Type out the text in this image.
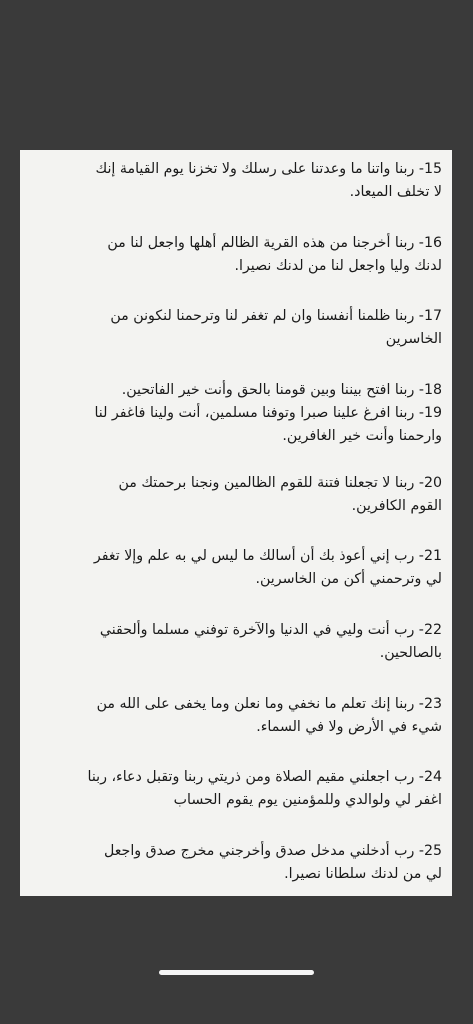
15- ربنا واتنا ما وعدتنا على رسلك ولا تخزنا يوم القيامة إنك

لا تخلف الميعاد.

16- ربنا أخرجنا من هذه القرية الظالم أهلها واجعل لنا من

لدنك وليا واجعل لنا من لدنك نصيرا.

17- ربنا ظلمنا أنفسنا وان لم تغفر لنا وترحمنا لنكونن من

الخاسرين

18- ربنا افتح بيننا وبين قومنا بالحق وأنت خير الفاتحين.

19- ربنا افرغ علينا صبرا وتوفنا مسلمين، أنت ولينا فاغفر لنا

وارحمنا وأنت خير الغافرين.

20- ربنا لا تجعلنا فتنة للقوم الظالمين ونجنا برحمتك من

القوم الكافرين.

21- رب إني أعوذ بك أن أسالك ما ليس لي به علم وإلا تغفر

لي وترحمني أكن من الخاسرين.

22- رب أنت وليي في الدنيا والآخرة توفني مسلما وألحقني

بالصالحين.

23- ربنا إنك تعلم ما نخفي وما نعلن وما يخفى على الله من

شيء في الأرض ولا في السماء.

24- رب اجعلني مقيم الصلاة ومن ذريتي ربنا وتقبل دعاء، ربنا

اغفر لي ولوالدي وللمؤمنين يوم يقوم الحساب

25- رب أدخلني مدخل صدق وأخرجني مخرج صدق واجعل

لي من لدنك سلطانا نصيرا.
